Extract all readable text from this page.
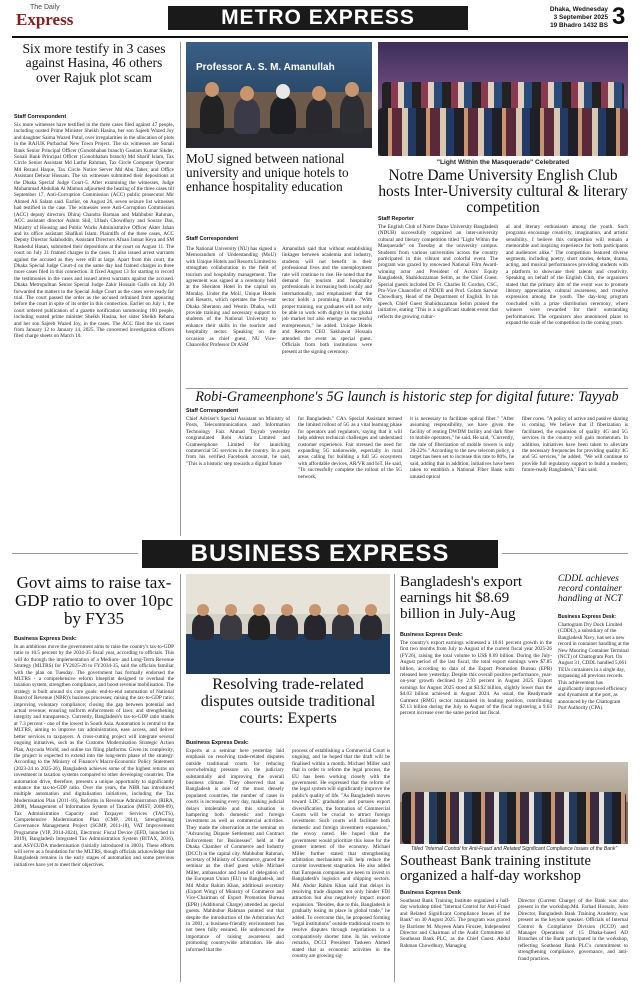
The Daily
Express	METRO EXPRESS	Dhaka, Wednesday
3 September 2025
19 Bhadro 1432 BS 3
Six more testify in 3 cases against Hasina, 46 others over Rajuk plot scam
Staff Correspondent
Six more witnesses have testified in the three cases filed against 47 people, including ousted Prime Minister Sheikh Hasina, her son Sajeeb Wazed Joy and daughter Saima Wazed Putul, over irregularities in the allocation of plots in the RAJUK Purbachal New Town Project. The six witnesses are Sonali Bank Senior Principal Officer (Gonobhaban branch) Gautam Kumar Sikder, Sonali Bank Principal Officer (Gonobhaban branch) Md Sharif Islam, Tax Circle Senior Assistant Md Lutfur Rahman, Tax Circle Computer Operator Md Rezaul Haque, Tax Circle Notice Server Md Abu Taher, and Office Assistant Delwar Hossain. The six witnesses submitted their depositions at the Dhaka Special Judge Court-5. After examining the witnesses, Judge Mohammad Abdullah Al Mamun adjourned the hearing of the three cases till September 17, Anti-Corruption Commission (ACC) public prosecutor Mir Ahmed Ali Salam said. Earlier, on August 26, seven seizure list witnesses had testified in the case. The witnesses were Anti-Corruption Commission (ACC) deputy directors Dhiraj Chandra Barman and Mahbubur Rahman, ACC assistant director Ashim Shil, Ullash Chowdhury and Sourav Das, Ministry of Housing and Public Works Administrative Officer Akter Jahan and its office assistant Shafikul Islam. Plaintiffs of the three cases, ACC Deputy Director Salahuddin, Assistant Directors Afnan Jannat Keya and SM Rashedul Hasan, submitted their depositions at the court on August 11. The court on July 31 framed charges in the cases. It also issued arrest warrants against the accused as they were still at large. Apart from this court, the Dhaka Special Judge Court-4 on the same day had framed charges in three more cases filed in this connection. It fixed August 13 for starting to record the testimonies in the cases and issued arrest warrants against the accused. Dhaka Metropolitan Senior Special Judge Zakir Hossain Galib on July 20 forwarded the matters to the Special Judge Court as the cases were ready for trial. The court passed the order as the accused refrained from appearing before the court in spite of its order in this connection. Earlier on July 1, the court ordered publication of a gazette notification summoning 100 people, including ousted prime minister Sheikh Hasina, her sister Sheikh Rehana and her son Sajeeb Wazed Joy, in the cases. The ACC filed the six cases from January 12 to January 14, 2025. The concerned investigation officers filed charge sheets on March 10.
Professor A. S. M. Amanullah
"Light Within the Masquerade" Celebrated
MoU signed between national university and unique hotels to enhance hospitality education
Staff Correspondent
The National University (NU) has signed a Memorandum of Understanding (MoU) with Unique Hotels and Resorts Limited to strengthen collaboration in the field of tourism and hospitality management. The agreement was signed at a ceremony held at the Sheraton Hotel in the capital on Monday. Under the MoU, Unique Hotels and Resorts, which operates the five-star Dhaka Sheraton and Westin Dhaka, will provide training and necessary support to students of the National University to enhance their skills in the tourism and hospitality sector. Speaking on the occasion as chief guest, NU Vice-Chancellor Professor Dr ASM
Amanullah said that without establishing linkages between academia and industry, students will not benefit in their professional lives and the unemployment rate will continue to rise. He noted that the demand for tourism and hospitality professionals is increasing both locally and internationally, and emphasized that the sector holds a promising future. "With proper training, our graduates will not only be able to work with dignity in the global job market but also emerge as successful entrepreneurs," he added. Unique Hotels and Resorts CEO Sakhawat Hossain attended the event as special guest. Officials from both institutions were present at the signing ceremony.
Notre Dame University English Club hosts Inter-University cultural & literary competition
Staff Reporter
The English Club of Notre Dame University Bangladesh (NDUB) successfully organized an inter-university cultural and literary competition titled "Light Within the Masquerade" on Tuesday at the university campus. Students from various universities across the country participated in this vibrant and colorful event. The program was graced by renowned National Film Award-winning actor and President of Actors' Equity Bangladesh, Shahiduzzaman Selim, as the Chief Guest. Special guests included Dr. Fr. Charles B. Gordon, CSC, Pro-Vice Chancellor of NDUB and Prof. Golam Sarwar Chowdhury, Head of the Department of English. In his speech, Chief Guest Shahiduzzaman Selim praised the initiative, stating "This is a significant student event that reflects the growing cultur-
al and literary enthusiasm among the youth. Such programs encourage creativity, imagination, and artistic sensibility. I believe this competition will remain a memorable and inspiring experience for both participants and audiences alike." The competition featured diverse segments, including poetry, short stories, debate, drama, acting, and musical performances providing students with a platform to showcase their talents and creativity. Speaking on behalf of the English Club, the organizers stated that the primary aim of the event was to promote literary appreciation, cultural awareness, and creative expression among the youth. The day-long program concluded with a prize distribution ceremony, where winners were rewarded for their outstanding performances. The organizers also announced plans to expand the scale of the competition in the coming years.
Robi-Grameenphone's 5G launch is historic step for digital future: Tayyab
Staff Correspondent
Chief Adviser's Special Assistant on Ministry of Posts, Telecommunications and Information Technology Faiz Ahmad Tayyab yesterday congratulated Robi Axiata Limited and Grameenphone Limited for launching commercial 5G services in the country. In a post from his verified Facebook account, he said, "This is a historic step towards a digital future
for Bangladesh." CA's Special Assistant termed the limited rollout of 5G as a vital learning phase for operators and regulators, saying that it will help address technical challenges and understand customer experience. Fair stressed the need for expanding 5G nationwide, especially in rural areas calling for building a full 5G ecosystem with affordable devices, AR/VR and IoT. He said, "To successfully complete the rollout of the 5G network,
it is necessary to facilitate optical fiber." "After assuming responsibility, we have given the facility of renting DWDM facility and dark fiber to mobile operators," he said. He said, "Currently, the rate of fiberization of mobile towers is only 20-22%." According to the new telecom policy, a target has been set to increase this rate to 80%, he said, adding that in addition, initiatives have been taken to establish a National Fiber Bank with unused optical
fiber cores. "A policy of active and passive sharing is coming. We believe that if fiberization is facilitated, the expansion of quality 4G and 5G services in the country will gain momentum. In addition, initiatives have been taken to alleviate the necessary frequencies for providing quality 4G and 5G services," he added. "We will continue to provide full regulatory support to build a modern, future-ready Bangladesh," Faiz said.
BUSINESS EXPRESS
Govt aims to raise tax-GDP ratio to over 10pc by FY35
Business Express Desk:
In an ambitious move the government aims to raise the country's tax-to-GDP ratio to 10.5 percent by the 2034-35 fiscal year, according to officials. This will do through the implementation of a Medium- and Long-Term Revenue Strategy (MLTRS) for FY2025-26 to FY2034-35, said the officials familiar with the plan on Tuesday. The government has formally endorsed the MLTRS - a comprehensive reform blueprint designed to overhaul the taxation system, strengthen compliance, and boost revenue mobilisation. The strategy is built around six core goals: end-to-end automation of National Board of Revenue (NBR)'s business processes; raising the tax-to-GDP ratio; improving voluntary compliance; closing the gap between potential and actual revenue; ensuring uniform enforcement of laws; and strengthening integrity and transparency. Currently, Bangladesh's tax-to-GDP ratio stands at 7.3 percent - one of the lowest in South Asia. Automation is central to the MLTRS, aiming to improve tax administration, ease access, and deliver better services to taxpayers. A cross-cutting project will integrate several ongoing initiatives, such as the Customs Modernisation Strategic Action Plan, Asycuda World, and online tax filing platforms. Given its complexity, the project is expected to extend into the long-term phase of the strategy. According to the Ministry of Finance's Macro-Economic Policy Statement (2023-24 to 2025-26), Bangladesh achieves some of the highest returns on investment in taxation systems compared to other developing countries. The automation drive, therefore, presents a unique opportunity to significantly enhance the tax-to-GDP ratio. Over the years, the NBR has introduced multiple automation and digitalisation initiatives, including the Tax Modernisation Plan (2011-16), Reforms in Revenue Administration (RIRA, 2008), Management of Information System of Taxation (MIST, 2008-09), Tax Administration Capacity and Taxpayer Services (TACTS), Comprehensive Modernisation Plan (CMP, 2011), Strengthening Governance Management Project (SGMP, 2011-18), VAT Improvement Programme (VIP, 2014-2024), Electronic Fiscal Device (EFD, launched in 2019), Bangladesh Integrated Tax Administration System (BITAX, 2016), and ASYCUDA modernisation (initially introduced in 2003). These efforts will serve as a foundation for the MLTRS, though officials acknowledge that Bangladesh remains in the early stages of automation and some previous initiatives have yet to meet their objectives.
Resolving trade-related disputes outside traditional courts: Experts
Business Express Desk:
Experts at a seminar here yesterday laid emphasis on resolving trade-related disputes outside traditional courts for reducing overwhelming pressure on the judiciary substantially and improving the overall business climate. They observed that as Bangladesh is one of the most densely populated countries, the number of cases in courts is increasing every day, making judicial delays intolerable and this situation is hampering both domestic and foreign investment as well as commercial activities. They made the observation at the seminar on "Advancing Dispute Settlement and Contract Enforcement for Businesses" held at the Dhaka Chamber of Commerce and Industry (DCCI) in the capital city. Mabbubur Rahman, secretary of Ministry of Commerce, graced the seminar as the chief guest while Michael Miller, ambassador and head of delegation of the European Union (EU) to Bangladesh, and Md Abdur Rahim Khan, additional secretary (Export Wing) of Ministry of Commerce and Vice-Chairman of Export Promotion Bureau (EPB) (Additional Charge) attended as special guests. Mahbubur Rahman pointed out that despite the introduction of the Arbitration Act in 2001, a business-friendly environment has not been fully ensured. He underscored the importance of raising awareness and promoting countrywide arbitration. He also informed that the
process of establishing a Commercial Court is ongoing, and he hoped that the draft will be finalised within a month. Michael Miller said that in order to reform the legal process, the EU has been working closely with the government. He expressed that the reform of the legal system will significantly improve the public's quality of life. "As Bangladesh moves toward LDC graduation and pursues export diversification, the formation of Commercial Courts will be crucial to attract foreign investment. Such courts will facilitate both domestic and foreign investment expansion," the envoy noted. He hoped that the government would prioritize this issue for the greater interest of the economy. Michael Miller further stated that strengthening arbitration mechanisms will help reduce the current investment stagnation. He also added that European companies are keen to invest in Bangladesh's logistics and shipping sectors. Md. Abdur Rahim Khan said that delays in resolving trade disputes not only hinder FDI attraction but also negatively impact export expansion. "Besides, due to this, Bangladesh is gradually losing its place in global trade," he added. To overcome this, he proposed forming "legal institutions" outside traditional courts to resolve disputes through negotiations in a comparatively shorter time. In his welcome remarks, DCCI President Taskeen Ahmed stated that as economic activities in the country are growing sig-
Bangladesh's export earnings hit $8.69 billion in July-Aug
Business Express Desk:
The country's export earnings witnessed a 10.61 percent growth in the first two months from July to August of the current fiscal year 2025-26 (FY26), raising the total volume to US$ 8.69 billion. During the July-August period of the last fiscal, the total export earnings were $7.85 billion, according to data of the Export Promotion Bureau (EPB) released here yesterday. Despite this overall positive performance, year-on-year growth declined by 2.93 percent in August 2025. Export earnings for August 2025 stood at $3.92 billion, slightly lower than the $4.03 billion achieved in August 2024. As usual, the Readymade Garment (RMG) sector maintained its leading position, contributing $7.13 billion during the July to August of the fiscal registering a 9.63 percent increase over the same period last fiscal.
CDDL achieves record container handling at NCT
Business Express Desk:
Chattogram Dry Dock Limited (CDDL), a subsidiary of the Bangladesh Navy, has set a new record in container handling at the New Mooring Container Terminal (NCT) of Chattogram Port. On August 31, CDDL handled 5,061 TEUs containers in a single day, surpassing all previous records. This achievement has significantly improved efficiency and dynamism at the port, as announced by the Chattogram Port Authority (CPA).
Titled "Internal Control for Anti-Fraud and Related Significant Compliance Issues of the Bank"
Southeast Bank training institute organized a half-day workshop
Business Express Desk
Southeast Bank Training Institute organized a half-day workshop titled "Internal Control for Anti-Fraud and Related Significant Compliance Issues of the Bank" on 30 August 2025. The program was graced by Barrister M. Moyeen Alam Firozee, Independent Director and Chairman of the Audit Committee of Southeast Bank PLC, as the Chief Guest. Abdul Rahman Chowdhury, Managing
Director (Current Charge) of the Bank was also present in the workshop.Md. Farhad Hossain, Joint Director, Bangladesh Bank Training Academy, was present as the keynote speaker. Officials of Internal Control & Compliance Division (ICCD) and Manager Operations of 15 Dhaka-based AD Branches of the Bank participated in the workshop, reflecting Southeast Bank PLC's commitment to strengthening compliance, governance, and anti-fraud practices.
